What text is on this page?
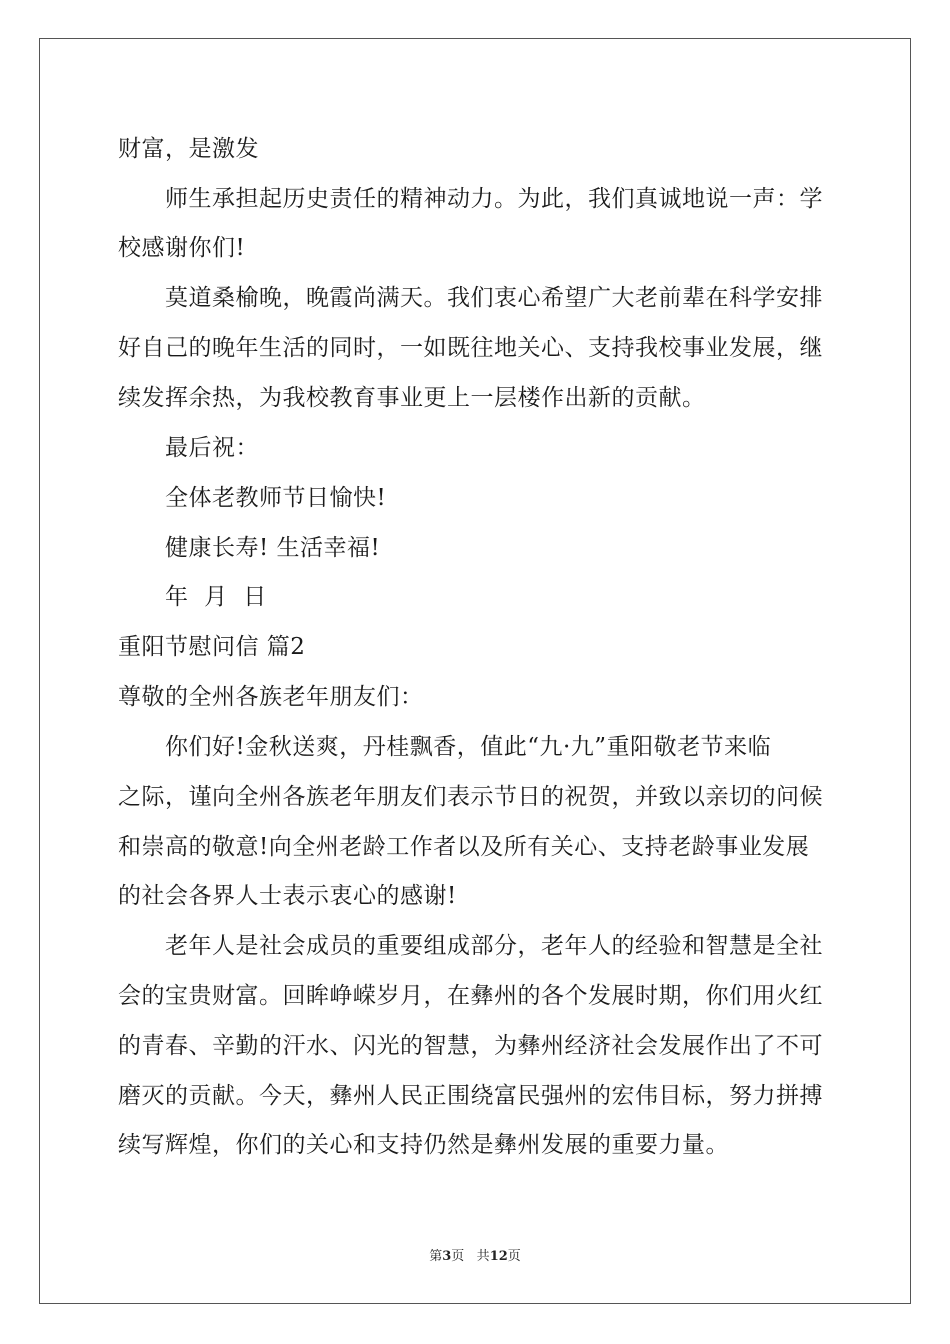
财富，是激发
师生承担起历史责任的精神动力。为此，我们真诚地说一声：学
校感谢你们!
莫道桑榆晚，晚霞尚满天。我们衷心希望广大老前辈在科学安排
好自己的晚年生活的同时，一如既往地关心、支持我校事业发展，继
续发挥余热，为我校教育事业更上一层楼作出新的贡献。
最后祝：
全体老教师节日愉快!
健康长寿! 生活幸福!
年  月  日
重阳节慰问信 篇2
尊敬的全州各族老年朋友们：
你们好!金秋送爽，丹桂飘香，值此“九·九”重阳敬老节来临
之际，谨向全州各族老年朋友们表示节日的祝贺，并致以亲切的问候
和崇高的敬意!向全州老龄工作者以及所有关心、支持老龄事业发展
的社会各界人士表示衷心的感谢!
老年人是社会成员的重要组成部分，老年人的经验和智慧是全社
会的宝贵财富。回眸峥嵘岁月，在彝州的各个发展时期，你们用火红
的青春、辛勤的汗水、闪光的智慧，为彝州经济社会发展作出了不可
磨灭的贡献。今天，彝州人民正围绕富民强州的宏伟目标，努力拼搏
续写辉煌，你们的关心和支持仍然是彝州发展的重要力量。
第3页 共12页
